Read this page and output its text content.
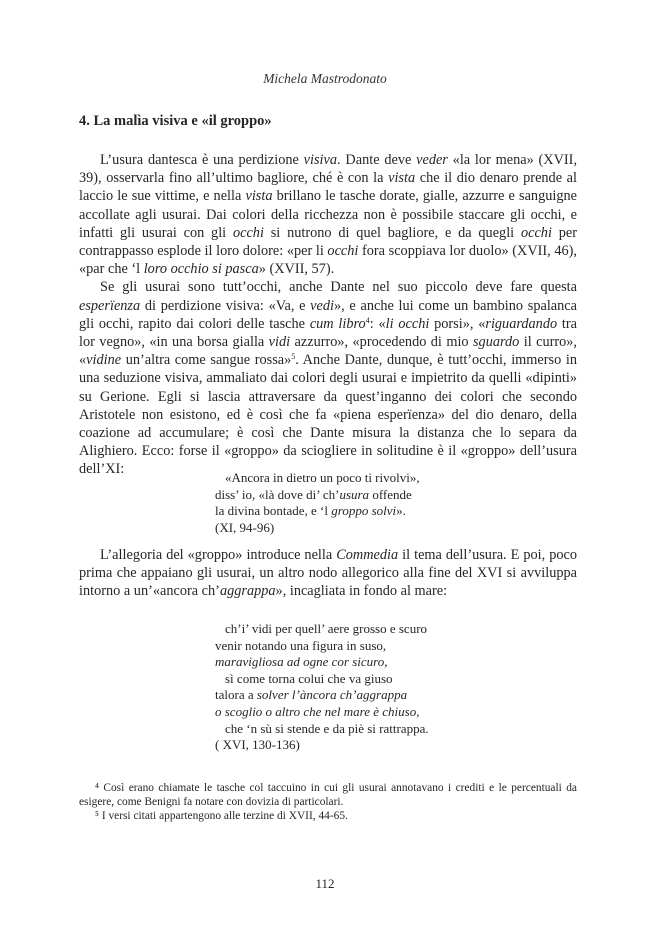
Michela Mastrodonato
4. La malìa visiva e «il groppo»

L’usura dantesca è una perdizione visiva. Dante deve veder «la lor mena» (XVII, 39), osservarla fino all’ultimo bagliore, ché è con la vista che il dio denaro prende al laccio le sue vittime, e nella vista brillano le tasche dorate, gialle, azzurre e sanguigne accollate agli usurai. Dai colori della ricchezza non è possibile staccare gli occhi, e infatti gli usurai con gli occhi si nutrono di quel bagliore, e da quegli occhi per contrappasso esplode il loro dolore: «per li occhi fora scoppiava lor duolo» (XVII, 46), «par che ‘l loro occhio si pasca» (XVII, 57).

Se gli usurai sono tutt’occhi, anche Dante nel suo piccolo deve fare questa esperïenza di perdizione visiva: «Va, e vedi», e anche lui come un bambino spalanca gli occhi, rapito dai colori delle tasche cum libro$^4$: «li occhi porsi», «riguardando tra lor vegno», «in una borsa gialla vidi azzurro», «procedendo di mio sguardo il curro», «vidine un’altra come sangue rossa»$^5$. Anche Dante, dunque, è tutt’occhi, immerso in una seduzione visiva, ammaliato dai colori degli usurai e impietrito da quelli «dipinti» su Gerione. Egli si lascia attraversare da quest’inganno dei colori che secondo Aristotele non esistono, ed è così che fa «piena esperïenza» del dio denaro, della coazione ad accumulare; è così che Dante misura la distanza che lo separa da Alighiero. Ecco: forse il «groppo» da sciogliere in solitudine è il «groppo» dell’usura dell’XI:

«Ancora in dietro un poco ti rivolvi»,
diss’ io, «là dove di’ ch’usura offende
la divina bontade, e ‘l groppo solvi».
(XI, 94-96)

L’allegoria del «groppo» introduce nella Commedia il tema dell’usura. E poi, poco prima che appaiano gli usurai, un altro nodo allegorico alla fine del XVI si avviluppa intorno a un’«ancora ch’aggrappa», incagliata in fondo al mare:

ch’i’ vidi per quell’ aere grosso e scuro
venir notando una figura in suso,
maravigliosa ad ogne cor sicuro,
sì come torna colui che va giuso
talora a solver l’àncora ch’aggrappa
o scoglio o altro che nel mare è chiuso,
che ‘n sù si stende e da piè si rattrappa.
( XVI, 130-136)

⁴ Così erano chiamate le tasche col taccuino in cui gli usurai annotavano i crediti e le percentuali da esigere, come Benigni fa notare con dovizia di particolari.

⁵ I versi citati appartengono alle terzine di XVII, 44-65.

112
